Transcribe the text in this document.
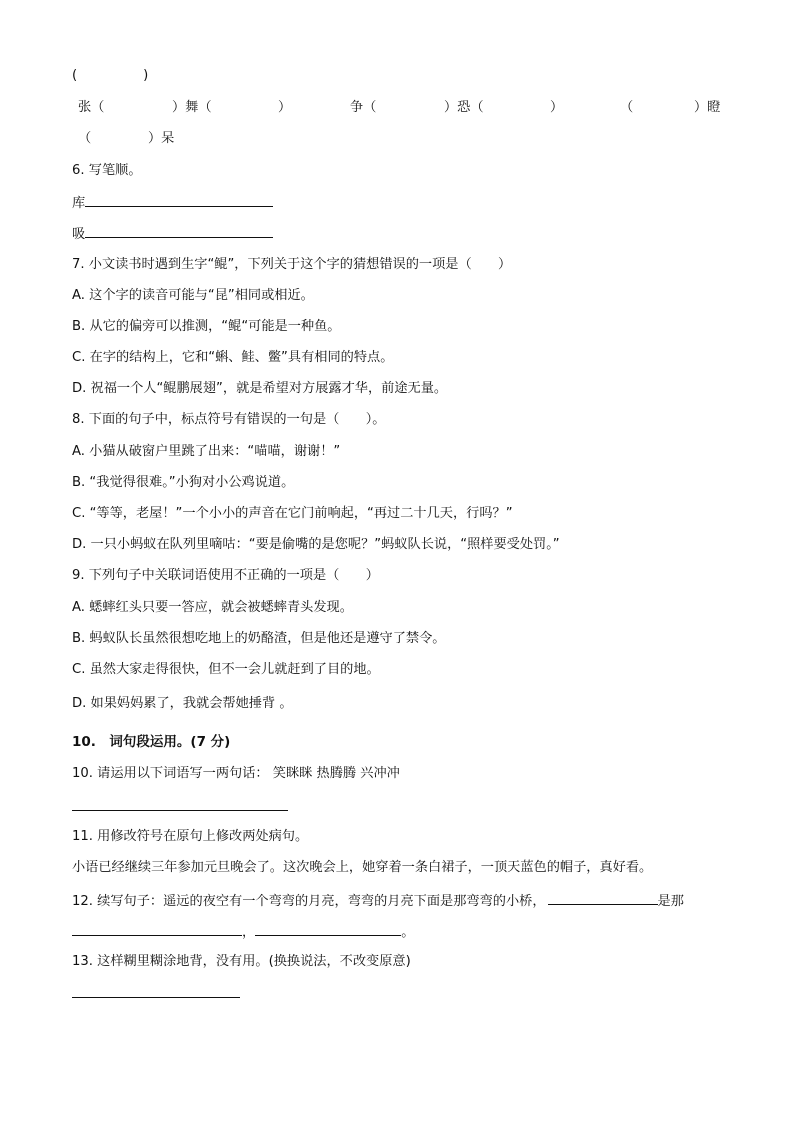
(　　　　　)
张（	）舞（	）	争（	）恐（	）	（	）瞪
（	）呆
6. 写笔顺。
库
吸
7. 小文读书时遇到生字“鲲”，下列关于这个字的猜想错误的一项是（　　）
A. 这个字的读音可能与“昆”相同或相近。
B. 从它的偏旁可以推测，“鲲“可能是一种鱼。
C. 在字的结构上，它和“蝌、鲑、鳖”具有相同的特点。
D. 祝福一个人“鲲鹏展翅”，就是希望对方展露才华，前途无量。
8. 下面的句子中，标点符号有错误的一句是（　　）。
A. 小猫从破窗户里跳了出来：“喵喵，谢谢！”
B. “我觉得很难。”小狗对小公鸡说道。
C. “等等，老屋！”一个小小的声音在它门前响起，“再过二十几天，行吗？”
D. 一只小蚂蚁在队列里嘀咕：“要是偷嘴的是您呢？”蚂蚁队长说，“照样要受处罚。”
9. 下列句子中关联词语使用不正确的一项是（　　）
A. 蟋蟀红头只要一答应，就会被蟋蟀青头发现。
B. 蚂蚁队长虽然很想吃地上的奶酪渣，但是他还是遵守了禁令。
C. 虽然大家走得很快，但不一会儿就赶到了目的地。
D. 如果妈妈累了，我就会帮她捶背 。
10.　词句段运用。(7 分)
10. 请运用以下词语写一两句话： 笑眯眯 热腾腾 兴冲冲
11. 用修改符号在原句上修改两处病句。
小语已经继续三年参加元旦晚会了。这次晚会上，她穿着一条白裙子，一顶天蓝色的帽子，真好看。
12. 续写句子：遥远的夜空有一个弯弯的月亮，弯弯的月亮下面是那弯弯的小桥，	是那
，	。
13. 这样糊里糊涂地背，没有用。(换换说法，不改变原意)
